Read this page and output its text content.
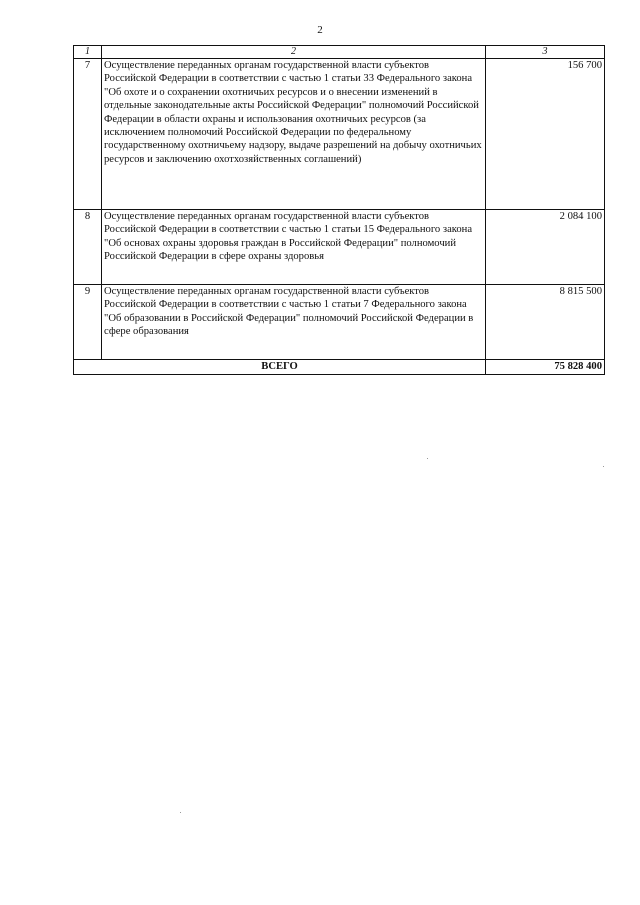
2
1	2	3
7	Осуществление переданных органам государственной власти субъектов Российской Федерации в соответствии с частью 1 статьи 33 Федерального закона "Об охоте и о сохранении охотничьих ресурсов и о внесении изменений в отдельные законодательные акты Российской Федерации" полномочий Российской Федерации в области охраны и использования охотничьих ресурсов (за исключением полномочий Российской Федерации по федеральному государственному охотничьему надзору, выдаче разрешений на добычу охотничьих ресурсов и заключению охотхозяйственных соглашений)	156 700
8	Осуществление переданных органам государственной власти субъектов Российской Федерации в соответствии с частью 1 статьи 15 Федерального закона "Об основах охраны здоровья граждан в Российской Федерации" полномочий Российской Федерации в сфере охраны здоровья	2 084 100
9	Осуществление переданных органам государственной власти субъектов Российской Федерации в соответствии с частью 1 статьи 7 Федерального закона "Об образовании в Российской Федерации" полномочий Российской Федерации в сфере образования	8 815 500
ВСЕГО		75 828 400
